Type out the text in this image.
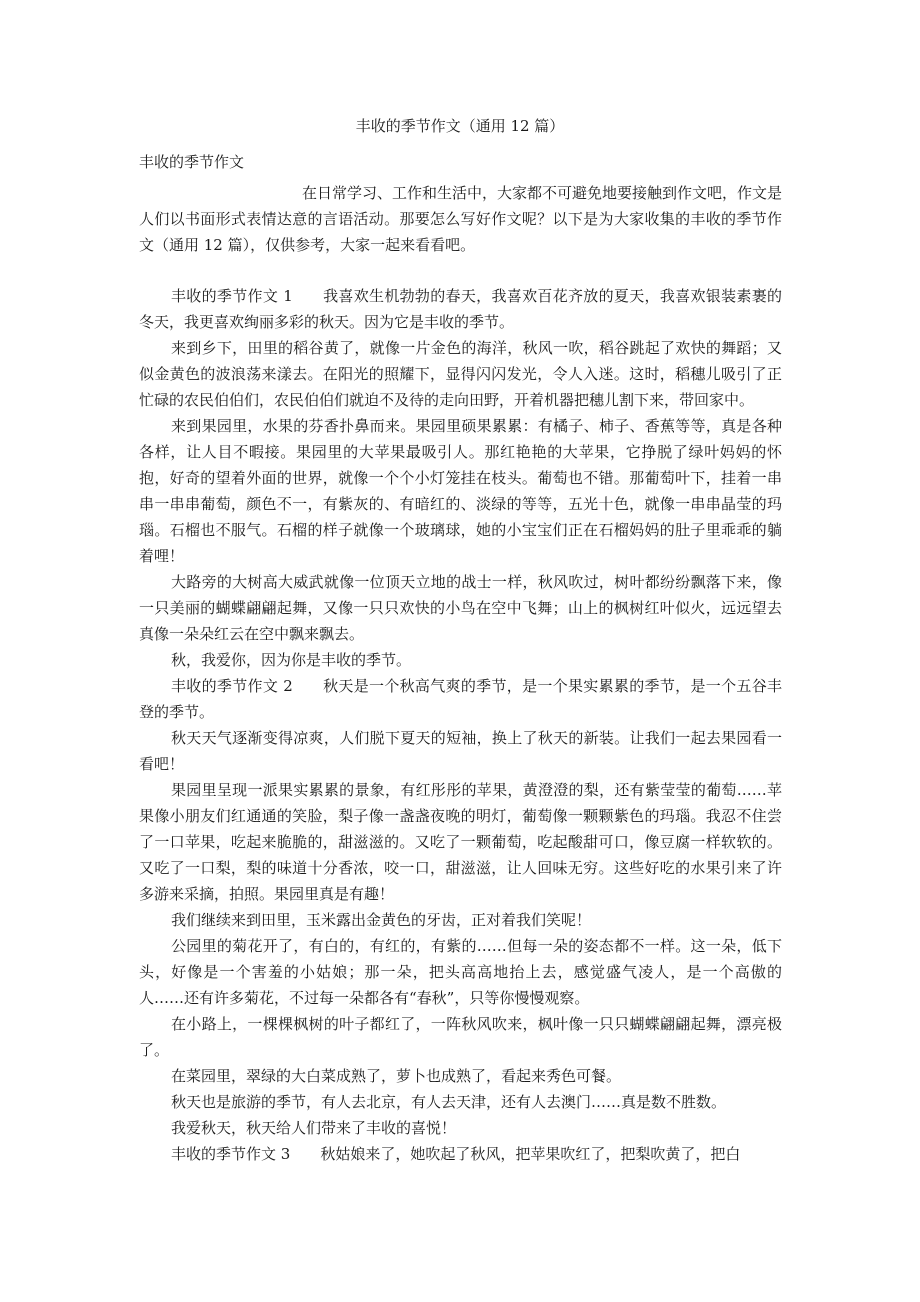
丰收的季节作文（通用 12 篇）
丰收的季节作文

在日常学习、工作和生活中，大家都不可避免地要接触到作文吧，作文是人们以书面形式表情达意的言语活动。那要怎么写好作文呢？以下是为大家收集的丰收的季节作文（通用 12 篇），仅供参考，大家一起来看看吧。

丰收的季节作文 1 我喜欢生机勃勃的春天，我喜欢百花齐放的夏天，我喜欢银装素裹的冬天，我更喜欢绚丽多彩的秋天。因为它是丰收的季节。

来到乡下，田里的稻谷黄了，就像一片金色的海洋，秋风一吹，稻谷跳起了欢快的舞蹈；又似金黄色的波浪荡来漾去。在阳光的照耀下，显得闪闪发光，令人入迷。这时，稻穗儿吸引了正忙碌的农民伯伯们，农民伯伯们就迫不及待的走向田野，开着机器把穗儿割下来，带回家中。

来到果园里，水果的芬香扑鼻而来。果园里硕果累累：有橘子、柿子、香蕉等等，真是各种各样，让人目不暇接。果园里的大苹果最吸引人。那红艳艳的大苹果，它挣脱了绿叶妈妈的怀抱，好奇的望着外面的世界，就像一个个小灯笼挂在枝头。葡萄也不错。那葡萄叶下，挂着一串串一串串葡萄，颜色不一，有紫灰的、有暗红的、淡绿的等等，五光十色，就像一串串晶莹的玛瑙。石榴也不服气。石榴的样子就像一个玻璃球，她的小宝宝们正在石榴妈妈的肚子里乖乖的躺着哩！

大路旁的大树高大威武就像一位顶天立地的战士一样，秋风吹过，树叶都纷纷飘落下来，像一只美丽的蝴蝶翩翩起舞，又像一只只欢快的小鸟在空中飞舞；山上的枫树红叶似火，远远望去真像一朵朵红云在空中飘来飘去。

秋，我爱你，因为你是丰收的季节。

丰收的季节作文 2 秋天是一个秋高气爽的季节，是一个果实累累的季节，是一个五谷丰登的季节。

秋天天气逐渐变得凉爽，人们脱下夏天的短袖，换上了秋天的新装。让我们一起去果园看一看吧！

果园里呈现一派果实累累的景象，有红彤彤的苹果，黄澄澄的梨，还有紫莹莹的葡萄……苹果像小朋友们红通通的笑脸，梨子像一盏盏夜晚的明灯，葡萄像一颗颗紫色的玛瑙。我忍不住尝了一口苹果，吃起来脆脆的，甜滋滋的。又吃了一颗葡萄，吃起酸甜可口，像豆腐一样软软的。又吃了一口梨，梨的味道十分香浓，咬一口，甜滋滋，让人回味无穷。这些好吃的水果引来了许多游来采摘，拍照。果园里真是有趣！

我们继续来到田里，玉米露出金黄色的牙齿，正对着我们笑呢！

公园里的菊花开了，有白的，有红的，有紫的……但每一朵的姿态都不一样。这一朵，低下头，好像是一个害羞的小姑娘；那一朵，把头高高地抬上去，感觉盛气凌人，是一个高傲的人……还有许多菊花，不过每一朵都各有“春秋”，只等你慢慢观察。

在小路上，一棵棵枫树的叶子都红了，一阵秋风吹来，枫叶像一只只蝴蝶翩翩起舞，漂亮极了。

在菜园里，翠绿的大白菜成熟了，萝卜也成熟了，看起来秀色可餐。

秋天也是旅游的季节，有人去北京，有人去天津，还有人去澳门……真是数不胜数。

我爱秋天，秋天给人们带来了丰收的喜悦！

丰收的季节作文 3 秋姑娘来了，她吹起了秋风，把苹果吹红了，把梨吹黄了，把白
